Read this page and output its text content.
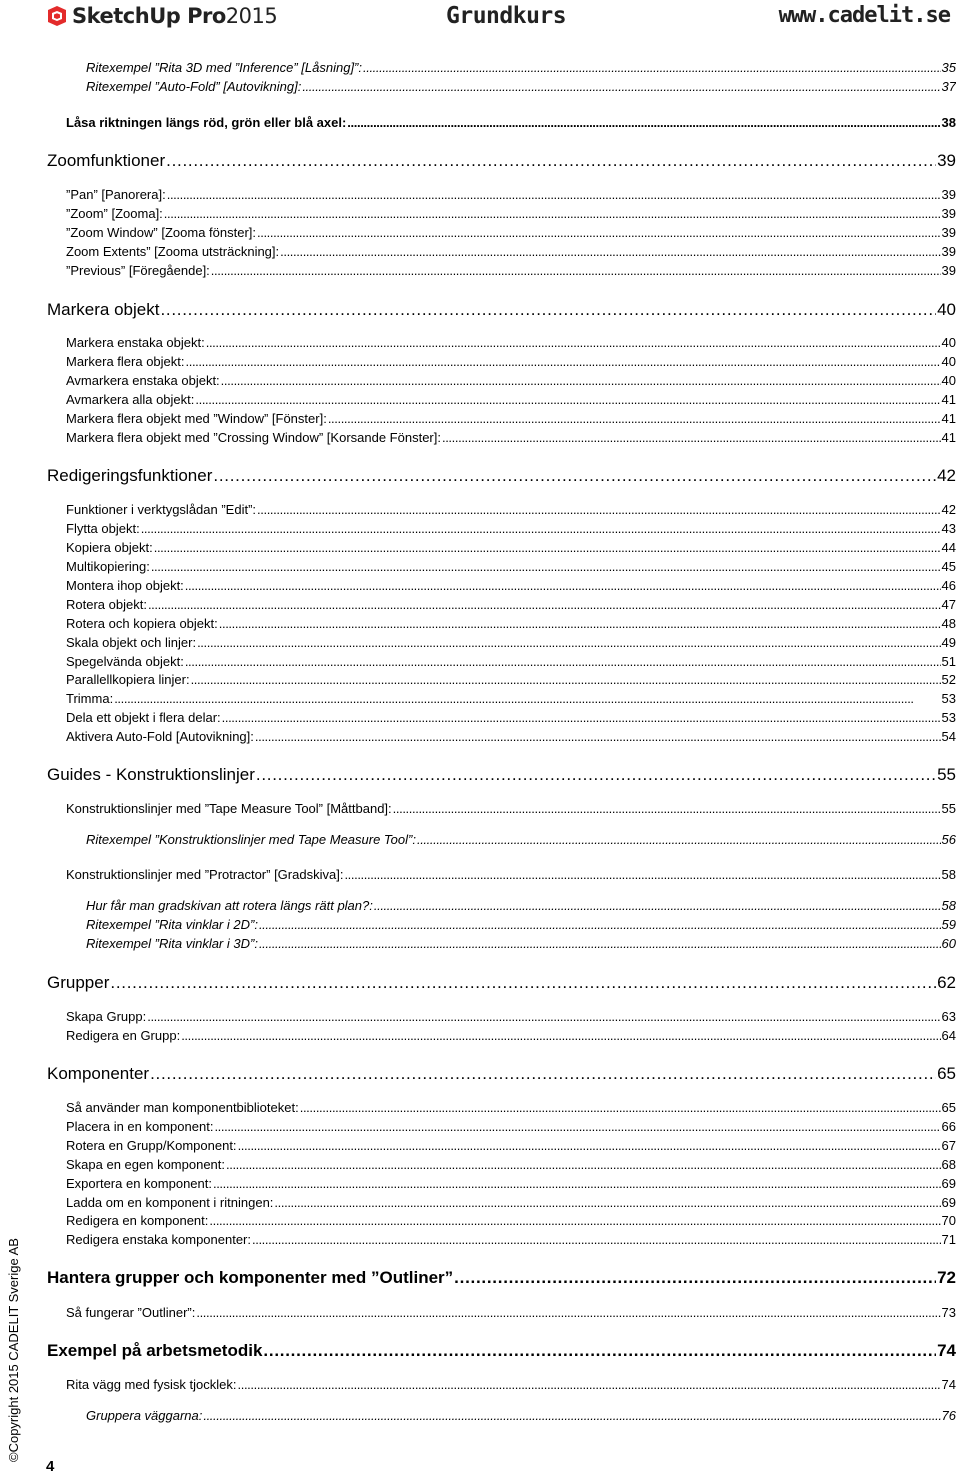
SketchUp Pro2015	Grundkurs	www.cadelit.se
Ritexempel ”Rita 3D med ”Inference” [Låsning]”: . . .	35
Ritexempel ”Auto-Fold” [Autovikning]: . . .	37
Låsa riktningen längs röd, grön eller blå axel: . . .	38
Zoomfunktioner . . .	39
”Pan” [Panorera]: . . .	39
”Zoom” [Zooma]: . . .	39
”Zoom Window” [Zooma fönster]: . . .	39
Zoom Extents” [Zooma utsträckning]: . . .	39
”Previous” [Föregående]: . . .	39
Markera objekt . . .	40
Markera enstaka objekt: . . .	40
Markera flera objekt: . . .	40
Avmarkera enstaka objekt: . . .	40
Avmarkera alla objekt: . . .	41
Markera flera objekt med ”Window” [Fönster]: . . .	41
Markera flera objekt med ”Crossing Window” [Korsande Fönster]: . . .	41
Redigeringsfunktioner . . .	42
Funktioner i verktygslådan ”Edit”: . . .	42
Flytta objekt: . . .	43
Kopiera objekt: . . .	44
Multikopiering: . . .	45
Montera ihop objekt: . . .	46
Rotera objekt: . . .	47
Rotera och kopiera objekt: . . .	48
Skala objekt och linjer: . . .	49
Spegelvända objekt: . . .	51
Parallellkopiera linjer: . . .	52
Trimma: . . .	53
Dela ett objekt i flera delar: . . .	53
Aktivera Auto-Fold [Autovikning]: . . .	54
Guides - Konstruktionslinjer . . .	55
Konstruktionslinjer med ”Tape Measure Tool” [Måttband]: . . .	55
Ritexempel ”Konstruktionslinjer med Tape Measure Tool”: . . .	56
Konstruktionslinjer med ”Protractor” [Gradskiva]: . . .	58
Hur får man gradskivan att rotera längs rätt plan?: . . .	58
Ritexempel ”Rita vinklar i 2D”: . . .	59
Ritexempel ”Rita vinklar i 3D”: . . .	60
Grupper . . .	62
Skapa Grupp: . . .	63
Redigera en Grupp: . . .	64
Komponenter . . .	65
Så använder man komponentbiblioteket: . . .	65
Placera in en komponent: . . .	66
Rotera en Grupp/Komponent: . . .	67
Skapa en egen komponent: . . .	68
Exportera en komponent: . . .	69
Ladda om en komponent i ritningen: . . .	69
Redigera en komponent: . . .	70
Redigera enstaka komponenter: . . .	71
Hantera grupper och komponenter med ”Outliner” . . .	72
Så fungerar ”Outliner”: . . .	73
Exempel på arbetsmetodik . . .	74
Rita vägg med fysisk tjocklek: . . .	74
Gruppera väggarna: . . .	76
©Copyright 2015 CADELIT Sverige AB
4
